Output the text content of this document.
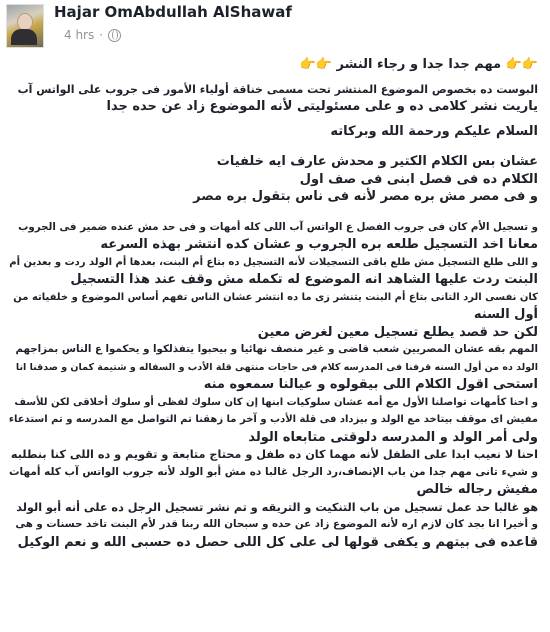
Hajar OmAbdullah AlShawaf
4 hrs ·
👉👉 مهم جدا جدا و رجاء النشر 👉👉
البوست ده بخصوص الموضوع المنتشر تحت مسمى خناقة أولياء الأمور فى جروب على الواتس آب
ياريت نشر كلامى ده و على مسئوليتى لأنه الموضوع زاد عن حده جدا
السلام عليكم ورحمة الله وبركاته
عشان بس الكلام الكتير و محدش عارف ايه خلفيات
الكلام ده فى فصل ابنى فى صف اول
و فى مصر مش بره مصر لأنه فى ناس بتقول بره مصر
و تسجيل الأم كان فى جروب الفصل ع الواتس آب اللى كله أمهات و فى حد مش عنده ضمير فى الجروب
معانا اخد التسجيل طلعه بره الجروب و عشان كده انتشر بهذه السرعه
و اللى طلع التسجيل مش طلع باقى التسجيلات لأنه التسجيل ده بتاع أم البنت، بعدها أم الولد ردت و بعدين أم
البنت ردت عليها الشاهد انه الموضوع له تكمله مش وقف عند هذا التسجيل
كان نفسى الرد التانى بتاع أم البنت يتنشر زى ما ده انتشر عشان الناس تفهم أساس الموضوع و خلفياته من
أول السنه
لكن حد قصد يطلع تسجيل معين لغرض معين
المهم بقه عشان المصريين شعب قاضى و غير منصف نهائيا و بيحبوا يتفذلكوا و يحكموا ع الناس بمزاجهم
الولد ده من أول السنه قرفنا فى المدرسه كلام فى حاجات منتهى قلة الأدب و السفاله و شتيمة كمان و صدقنا انا
استحى اقول الكلام اللى بيقولوه و عيالنا سمعوه منه
و احنا كأمهات تواصلنا الأول مع أمه عشان سلوكيات ابنها إن كان سلوك لفظى أو سلوك أخلاقى لكن للأسف
مفيش اى موقف بيتاخد مع الولد و بيزداد فى قلة الأدب و آخر ما زهقنا تم التواصل مع المدرسه و تم استدعاء
ولى أمر الولد و المدرسه دلوقتى متابعاه الولد
احنا لا نعيب ابدا على الطفل لأنه مهما كان ده طفل و محتاج متابعة و تقويم و ده اللى كنا بنطلبه
و شيء تانى مهم جدا من باب الإنصاف،رد الرجل غالبا ده مش أبو الولد لأنه جروب الواتس آب كله أمهات
مفيش رجاله خالص
هو غالبا حد عمل تسجيل من باب التنكيت و التريقه و تم نشر تسجيل الرجل ده على أنه أبو الولد
و أخيرا انا بجد كان لازم اره لأنه الموضوع زاد عن حده و سبحان الله ربنا قدر لأم البنت تاخد حسنات و هى
قاعده فى بيتهم و يكفى قولها لى على كل اللى حصل ده حسبى الله و نعم الوكيل
